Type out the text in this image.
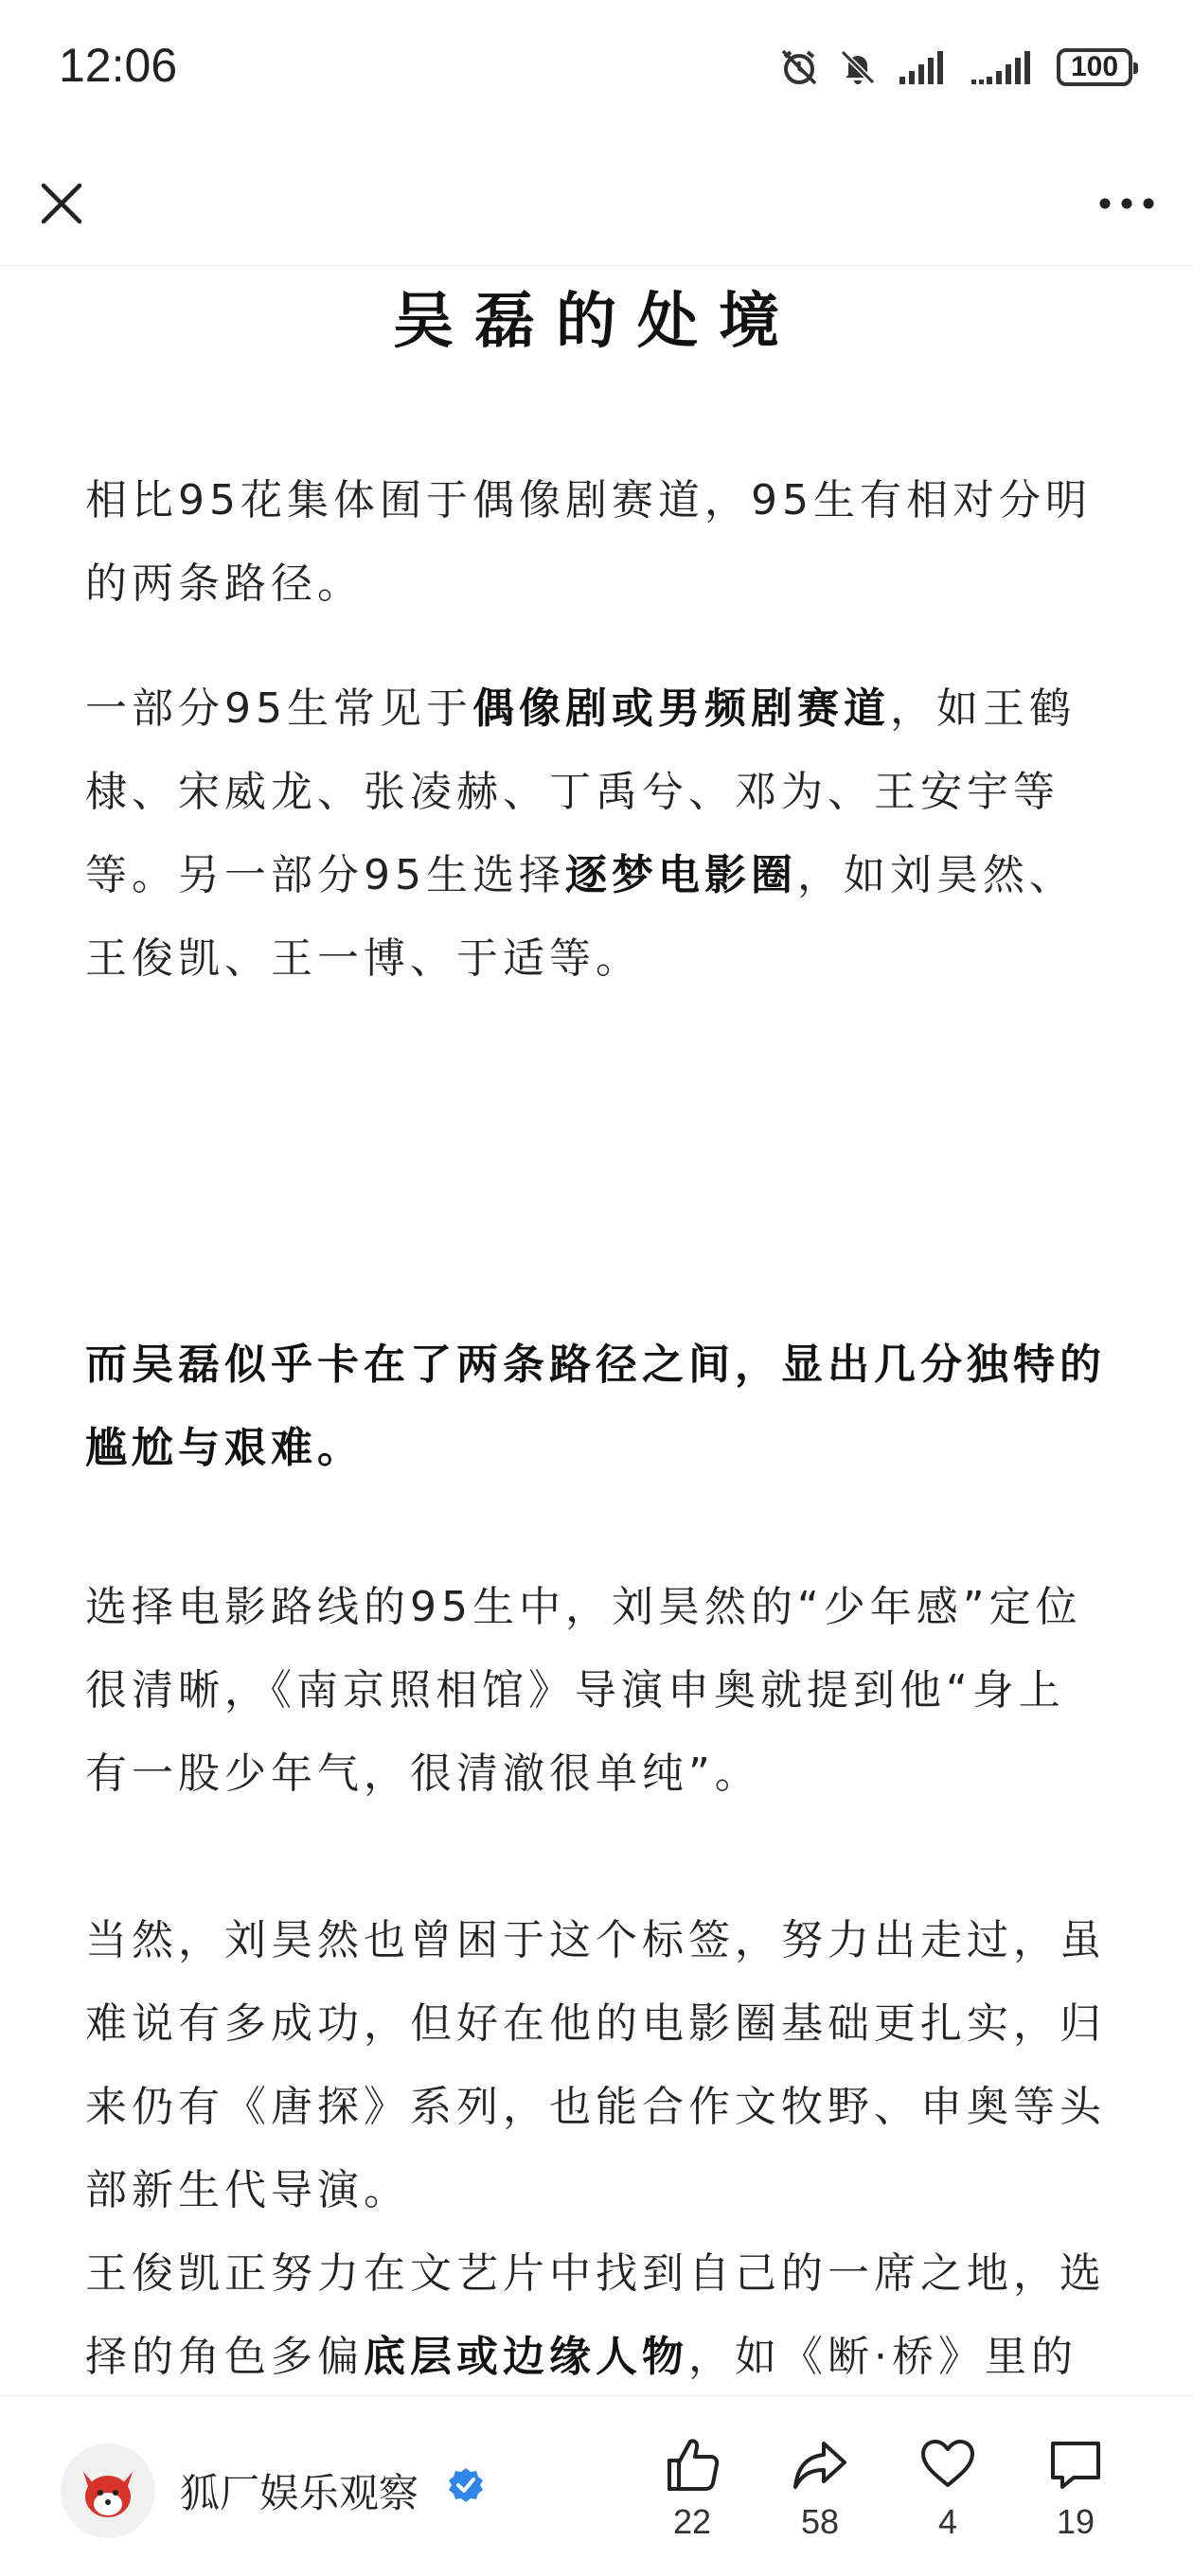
12:06	100
吴磊的处境

相比95花集体囿于偶像剧赛道，95生有相对分明的两条路径。

一部分95生常见于偶像剧或男频剧赛道，如王鹤棣、宋威龙、张凌赫、丁禹兮、邓为、王安宇等等。另一部分95生选择逐梦电影圈，如刘昊然、王俊凯、王一博、于适等。

而吴磊似乎卡在了两条路径之间，显出几分独特的尴尬与艰难。

选择电影路线的95生中，刘昊然的“少年感”定位很清晰，《南京照相馆》导演申奥就提到他“身上有一股少年气，很清澈很单纯”。

当然，刘昊然也曾困于这个标签，努力出走过，虽难说有多成功，但好在他的电影圈基础更扎实，归来仍有《唐探》系列，也能合作文牧野、申奥等头部新生代导演。

王俊凯正努力在文艺片中找到自己的一席之地，选择的角色多偏底层或边缘人物，如《断·桥》里的

狐厂娱乐观察
22	58	4	19
